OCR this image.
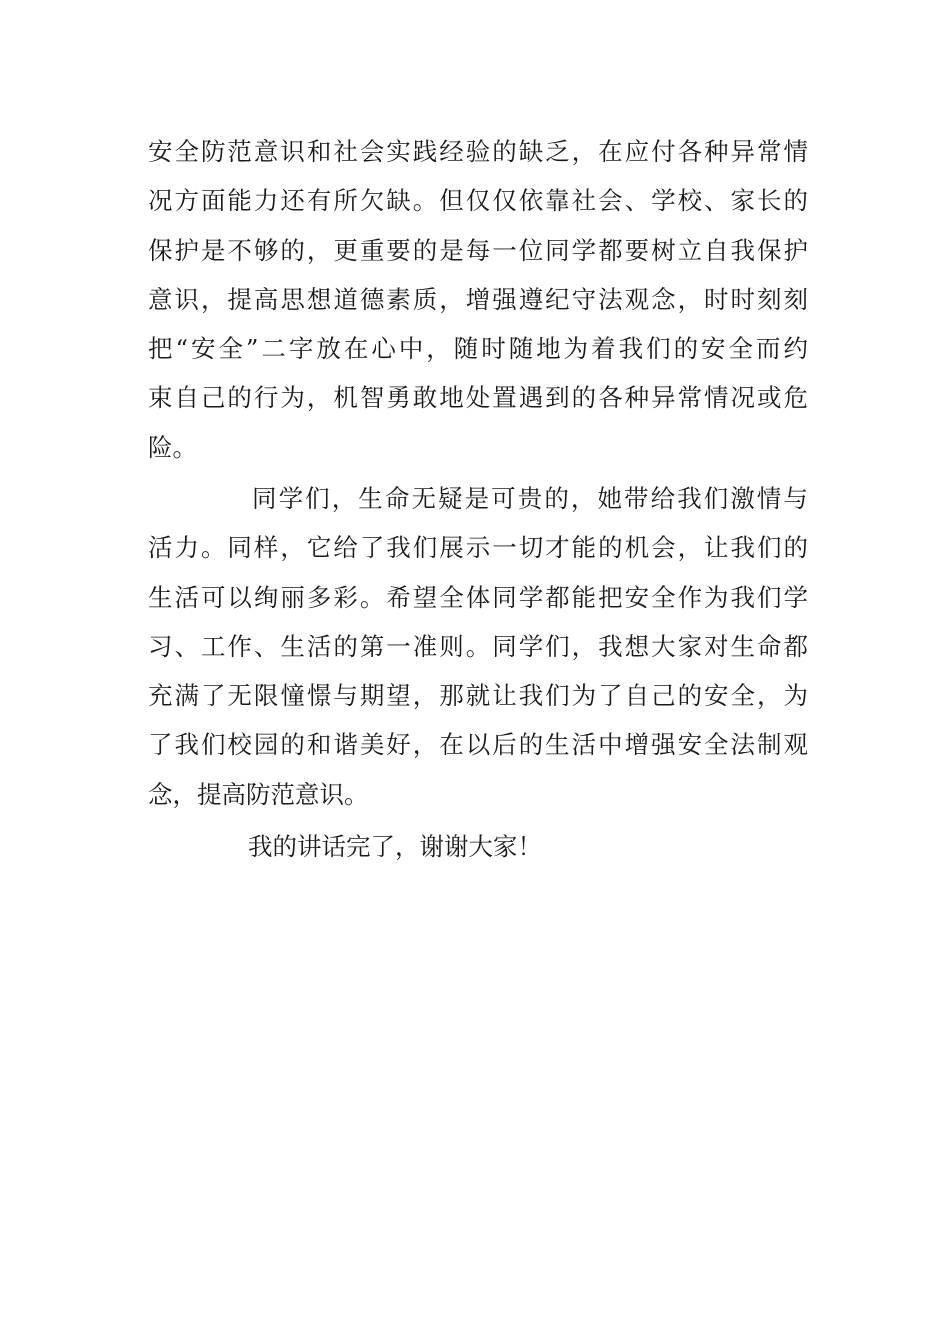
安全防范意识和社会实践经验的缺乏，在应付各种异常情
况方面能力还有所欠缺。但仅仅依靠社会、学校、家长的
保护是不够的，更重要的是每一位同学都要树立自我保护
意识，提高思想道德素质，增强遵纪守法观念，时时刻刻
把“安全”二字放在心中，随时随地为着我们的安全而约
束自己的行为，机智勇敢地处置遇到的各种异常情况或危
险。
同学们，生命无疑是可贵的，她带给我们激情与
活力。同样，它给了我们展示一切才能的机会，让我们的
生活可以绚丽多彩。希望全体同学都能把安全作为我们学
习、工作、生活的第一准则。同学们，我想大家对生命都
充满了无限憧憬与期望，那就让我们为了自己的安全，为
了我们校园的和谐美好，在以后的生活中增强安全法制观
念，提高防范意识。
我的讲话完了，谢谢大家！
